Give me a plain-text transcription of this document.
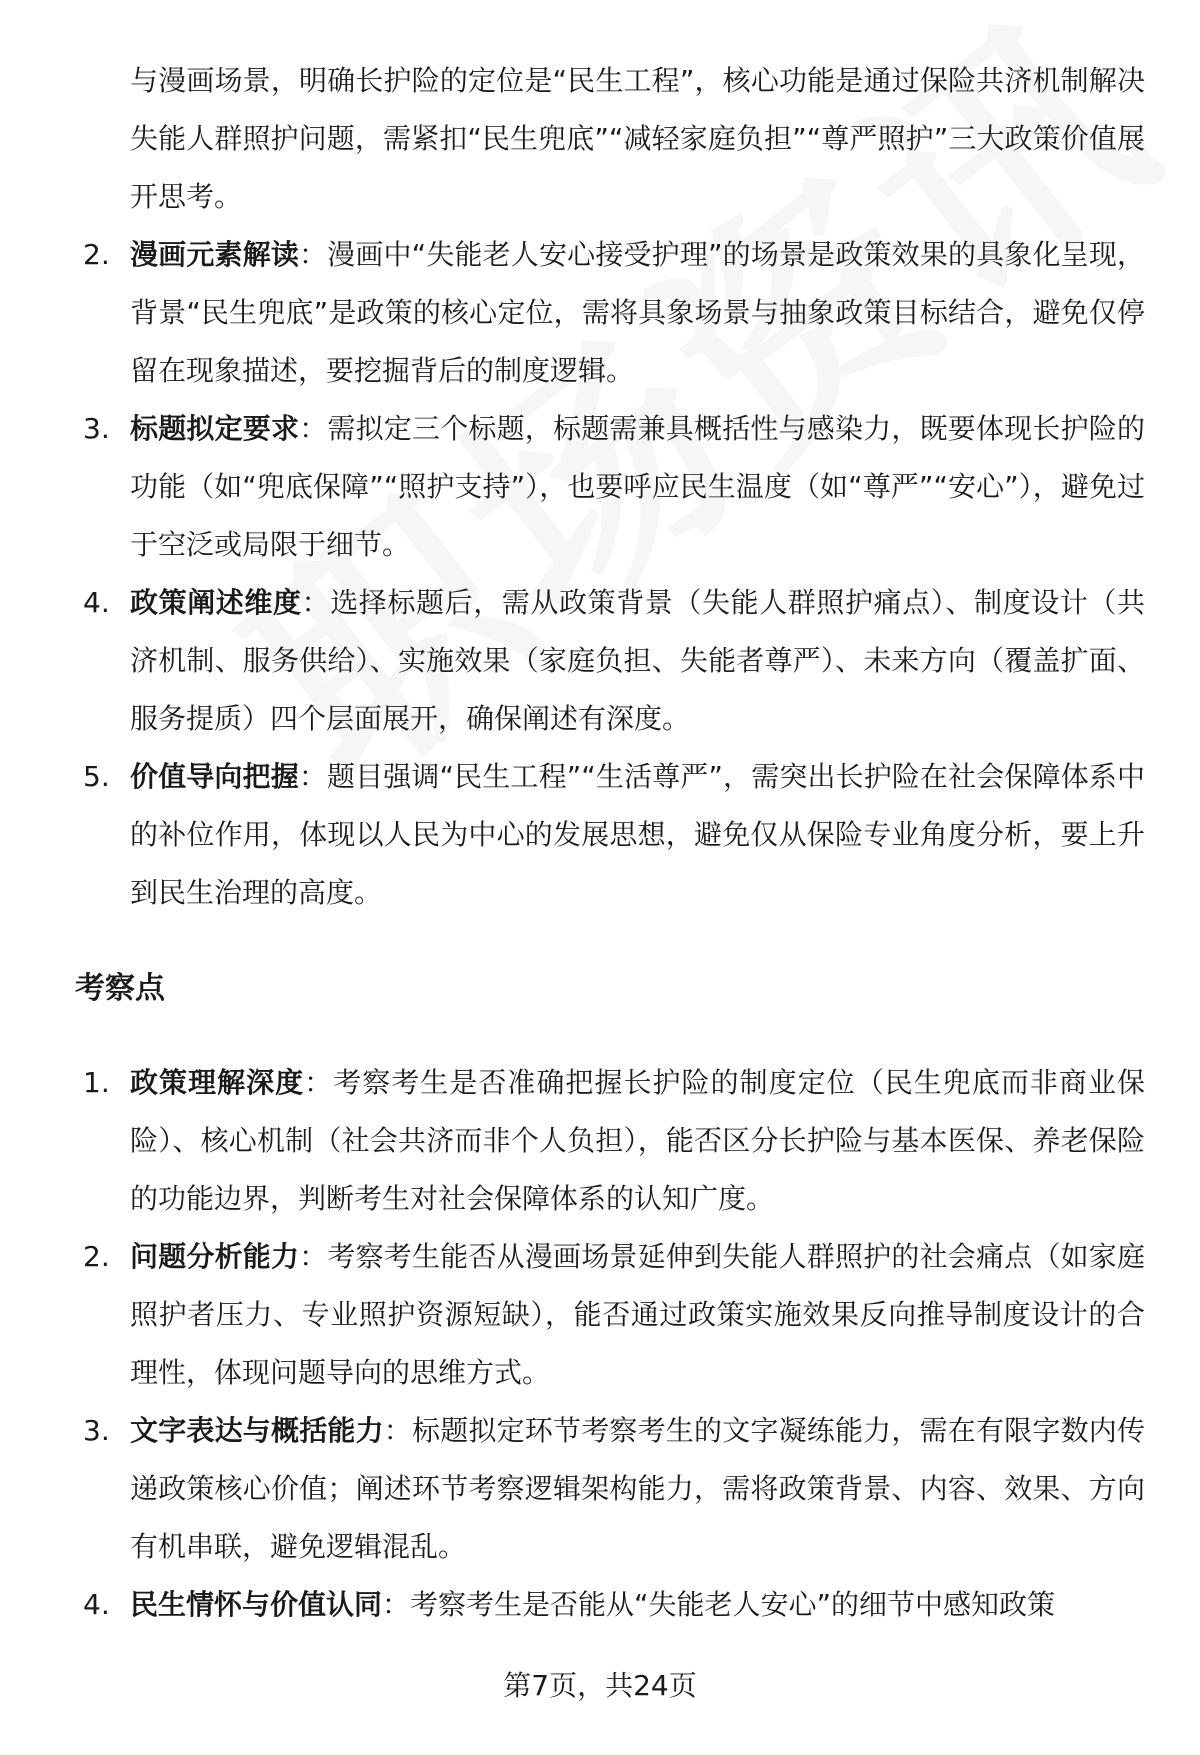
与漫画场景，明确长护险的定位是“民生工程”，核心功能是通过保险共济机制解决失能人群照护问题，需紧扣“民生兜底”“减轻家庭负担”“尊严照护”三大政策价值展开思考。

2. 漫画元素解读：漫画中“失能老人安心接受护理”的场景是政策效果的具象化呈现，背景“民生兜底”是政策的核心定位，需将具象场景与抽象政策目标结合，避免仅停留在现象描述，要挖掘背后的制度逻辑。
3. 标题拟定要求：需拟定三个标题，标题需兼具概括性与感染力，既要体现长护险的功能（如“兜底保障”“照护支持”），也要呼应民生温度（如“尊严”“安心”），避免过于空泛或局限于细节。
4. 政策阐述维度：选择标题后，需从政策背景（失能人群照护痛点）、制度设计（共济机制、服务供给）、实施效果（家庭负担、失能者尊严）、未来方向（覆盖扩面、服务提质）四个层面展开，确保阐述有深度。
5. 价值导向把握：题目强调“民生工程”“生活尊严”，需突出长护险在社会保障体系中的补位作用，体现以人民为中心的发展思想，避免仅从保险专业角度分析，要上升到民生治理的高度。
考察点
1. 政策理解深度：考察考生是否准确把握长护险的制度定位（民生兜底而非商业保险）、核心机制（社会共济而非个人负担），能否区分长护险与基本医保、养老保险的功能边界，判断考生对社会保障体系的认知广度。
2. 问题分析能力：考察考生能否从漫画场景延伸到失能人群照护的社会痛点（如家庭照护者压力、专业照护资源短缺），能否通过政策实施效果反向推导制度设计的合理性，体现问题导向的思维方式。
3. 文字表达与概括能力：标题拟定环节考察考生的文字凝练能力，需在有限字数内传递政策核心价值；阐述环节考察逻辑架构能力，需将政策背景、内容、效果、方向有机串联，避免逻辑混乱。
4. 民生情怀与价值认同：考察考生是否能从“失能老人安心”的细节中感知政策
第7页，共24页
